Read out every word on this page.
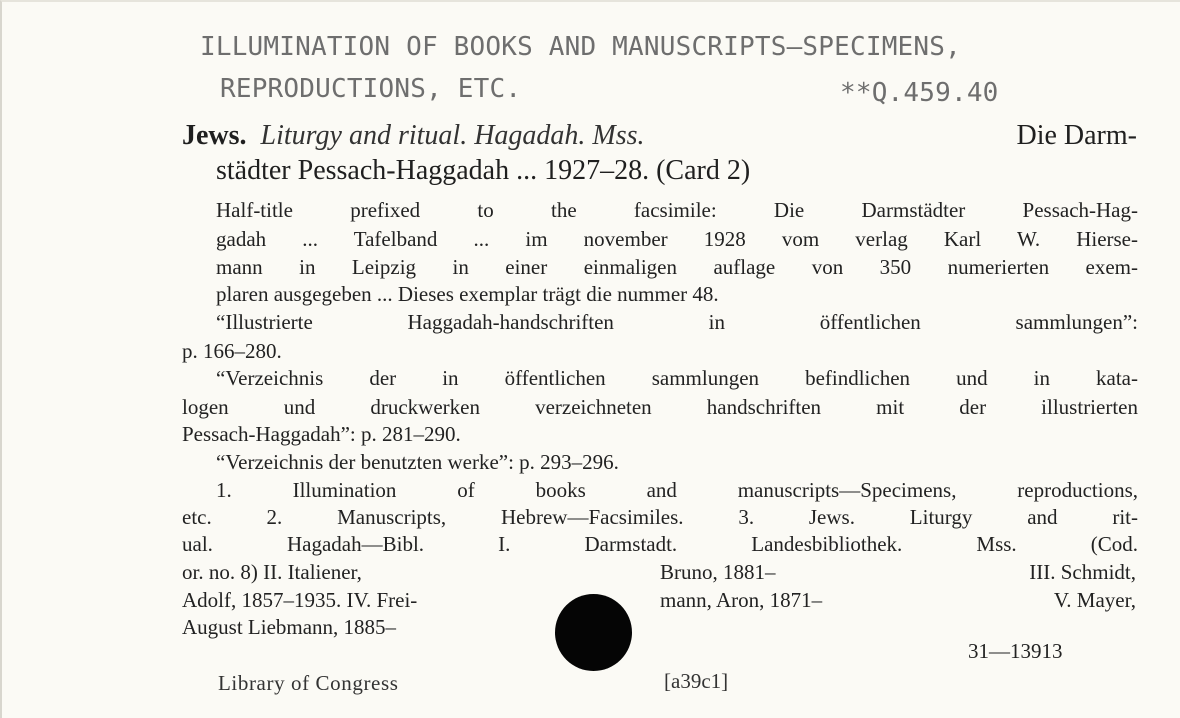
ILLUMINATION OF BOOKS AND MANUSCRIPTS—SPECIMENS,
REPRODUCTIONS, ETC.	**Q.459.40
Jews. Liturgy and ritual. Hagadah. Mss.	Die Darm-
städter Pessach-Haggadah ... 1927–28. (Card 2)
Half-title prefixed to the facsimile: Die Darmstädter Pessach-Hag-
gadah ... Tafelband ... im november 1928 vom verlag Karl W. Hierse-
mann in Leipzig in einer einmaligen auflage von 350 numerierten exem-
plaren ausgegeben ... Dieses exemplar trägt die nummer 48.
“Illustrierte Haggadah-handschriften in öffentlichen sammlungen”:
p. 166–280.
“Verzeichnis der in öffentlichen sammlungen befindlichen und in kata-
logen und druckwerken verzeichneten handschriften mit der illustrierten
Pessach-Haggadah”: p. 281–290.
“Verzeichnis der benutzten werke”: p. 293–296.
1. Illumination of books and manuscripts—Specimens, reproductions,
etc. 2. Manuscripts, Hebrew—Facsimiles. 3. Jews. Liturgy and rit-
ual. Hagadah—Bibl. I. Darmstadt. Landesbibliothek. Mss. (Cod.
or. no. 8) II. Italiener,	Bruno, 1881–	III. Schmidt,
Adolf, 1857–1935. IV. Frei-	mann, Aron, 1871–	V. Mayer,
August Liebmann, 1885–
31—13913
Library of Congress	[a39c1]
